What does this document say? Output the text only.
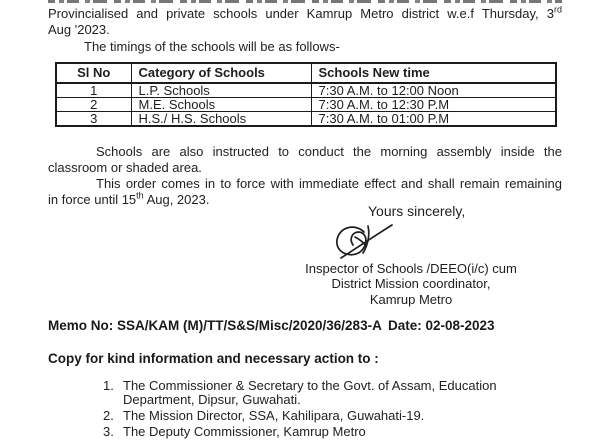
Provincialised and private schools under Kamrup Metro district w.e.f Thursday, 3rd
Aug '2023.
The timings of the schools will be as follows-
Sl No	Category of Schools	Schools New time
1	L.P. Schools	7:30 A.M. to 12:00 Noon
2	M.E. Schools	7:30 A.M. to 12:30 P.M
3	H.S./ H.S. Schools	7:30 A.M. to 01:00 P.M
Schools are also instructed to conduct the morning assembly inside the
classroom or shaded area.
This order comes in to force with immediate effect and shall remain remaining
in force until 15th Aug, 2023.
Yours sincerely,
Inspector of Schools /DEEO(i/c) cum
District Mission coordinator,
Kamrup Metro
Memo No: SSA/KAM (M)/TT/S&S/Misc/2020/36/283-A Date: 02-08-2023
Copy for kind information and necessary action to :
1. The Commissioner & Secretary to the Govt. of Assam, Education Department, Dipsur, Guwahati.
2. The Mission Director, SSA, Kahilipara, Guwahati-19.
3. The Deputy Commissioner, Kamrup Metro
